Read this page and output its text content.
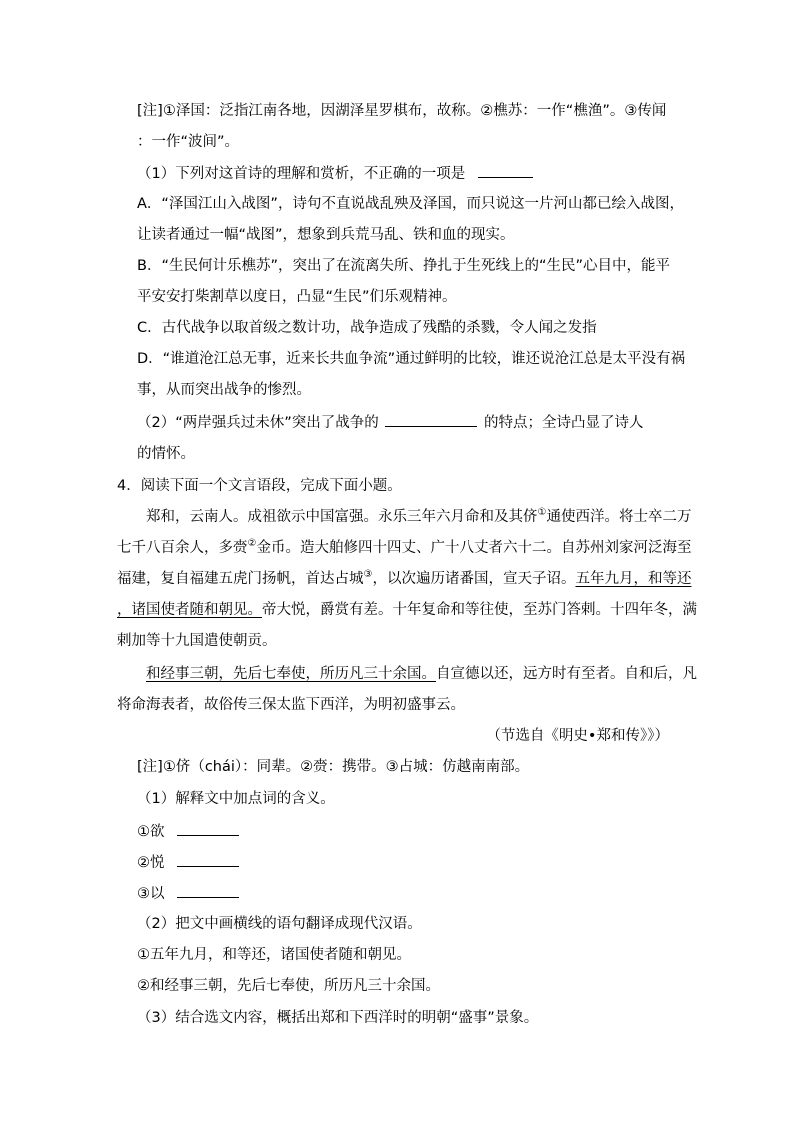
[注]①泽国：泛指江南各地，因湖泽星罗棋布，故称。②樵苏：一作“樵渔”。③传闻
：一作“波间”。
（1）下列对这首诗的理解和赏析，不正确的一项是
A．“泽国江山入战图”，诗句不直说战乱殃及泽国，而只说这一片河山都已绘入战图，
让读者通过一幅“战图”，想象到兵荒马乱、铁和血的现实。
B．“生民何计乐樵苏”，突出了在流离失所、挣扎于生死线上的“生民”心目中，能平
平安安打柴割草以度日，凸显“生民”们乐观精神。
C．古代战争以取首级之数计功，战争造成了残酷的杀戮，令人闻之发指
D．“谁道沧江总无事，近来长共血争流”通过鲜明的比较，谁还说沧江总是太平没有祸
事，从而突出战争的惨烈。
（2）“两岸强兵过未休”突出了战争的	的特点；全诗凸显了诗人
的情怀。
4．阅读下面一个文言语段，完成下面小题。
郑和，云南人。成祖欲示中国富强。永乐三年六月命和及其侪①通使西洋。将士卒二万
七千八百余人，多赍②金币。造大舶修四十四丈、广十八丈者六十二。自苏州刘家河泛海至
福建，复自福建五虎门扬帆，首达占城③，以次遍历诸番国，宣天子诏。五年九月，和等还
，诸国使者随和朝见。帝大悦，爵赏有差。十年复命和等往使，至苏门答剌。十四年冬，满
剌加等十九国遣使朝贡。
和经事三朝，先后七奉使，所历凡三十余国。自宣德以还，远方时有至者。自和后，凡
将命海表者，故俗传三保太监下西洋，为明初盛事云。
（节选自《明史•郑和传》》）
[注]①侪（chái）：同辈。②赍：携带。③占城：仿越南南部。
（1）解释文中加点词的含义。
①欲
②悦
③以
（2）把文中画横线的语句翻译成现代汉语。
①五年九月，和等还，诸国使者随和朝见。
②和经事三朝，先后七奉使，所历凡三十余国。
（3）结合选文内容，概括出郑和下西洋时的明朝“盛事”景象。
